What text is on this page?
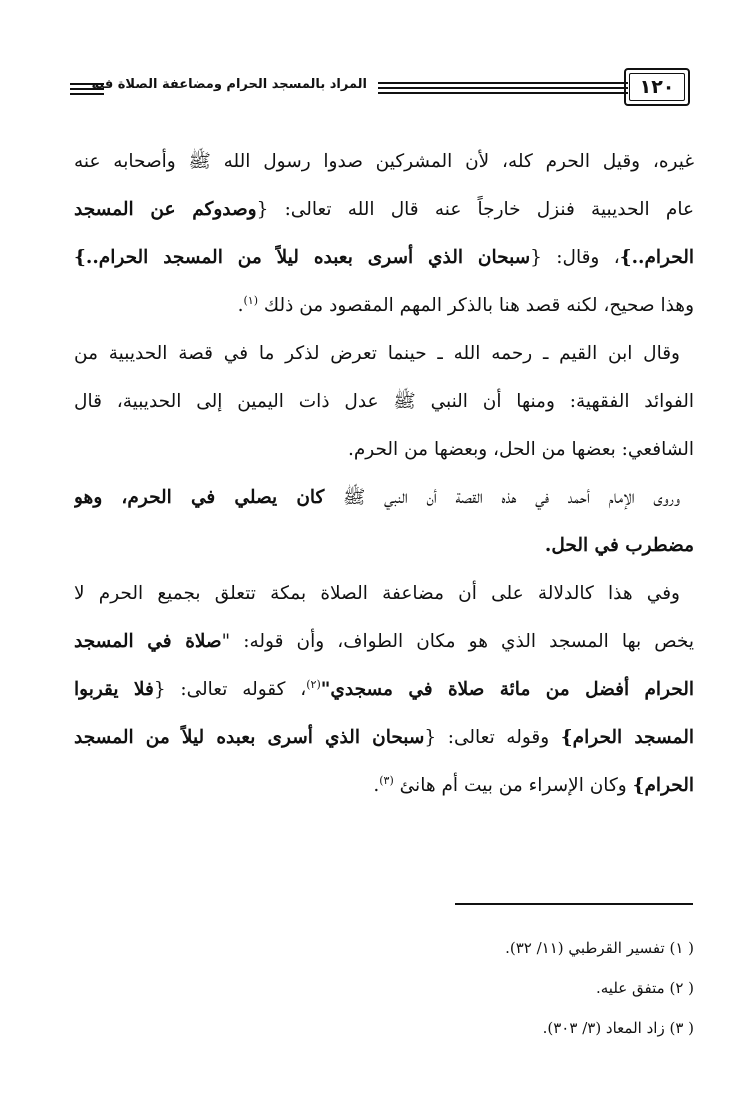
المراد بالمسجد الحرام ومضاعفة الصلاة فيه	١٢٠
غيره، وقيل الحرم كله، لأن المشركين صدوا رسول الله ﷺ وأصحابه عنه
عام الحديبية فنزل خارجاً عنه قال الله تعالى: {وصدوكم عن المسجد
الحرام..}، وقال: {سبحان الذي أسرى بعبده ليلاً من المسجد الحرام..}
وهذا صحيح، لكنه قصد هنا بالذكر المهم المقصود من ذلك $^{(١)}$.
وقال ابن القيم ـ رحمه الله ـ حينما تعرض لذكر ما في قصة الحديبية من
الفوائد الفقهية: ومنها أن النبي ﷺ عدل ذات اليمين إلى الحديبية، قال
الشافعي: بعضها من الحل، وبعضها من الحرم.
وروى الإمام أحمد في هذه القصة أن النبي ﷺ كان يصلي في الحرم، وهو
مضطرب في الحل.
وفي هذا كالدلالة على أن مضاعفة الصلاة بمكة تتعلق بجميع الحرم لا
يخص بها المسجد الذي هو مكان الطواف، وأن قوله: "صلاة في المسجد
الحرام أفضل من مائة صلاة في مسجدي"$^{(٢)}$، كقوله تعالى: {فلا يقربوا
المسجد الحرام} وقوله تعالى: {سبحان الذي أسرى بعبده ليلاً من المسجد
الحرام} وكان الإسراء من بيت أم هانئ $^{(٣)}$.
( ١) تفسير القرطبي (١١/ ٣٢).
( ٢) متفق عليه.
( ٣) زاد المعاد (٣/ ٣٠٣).
